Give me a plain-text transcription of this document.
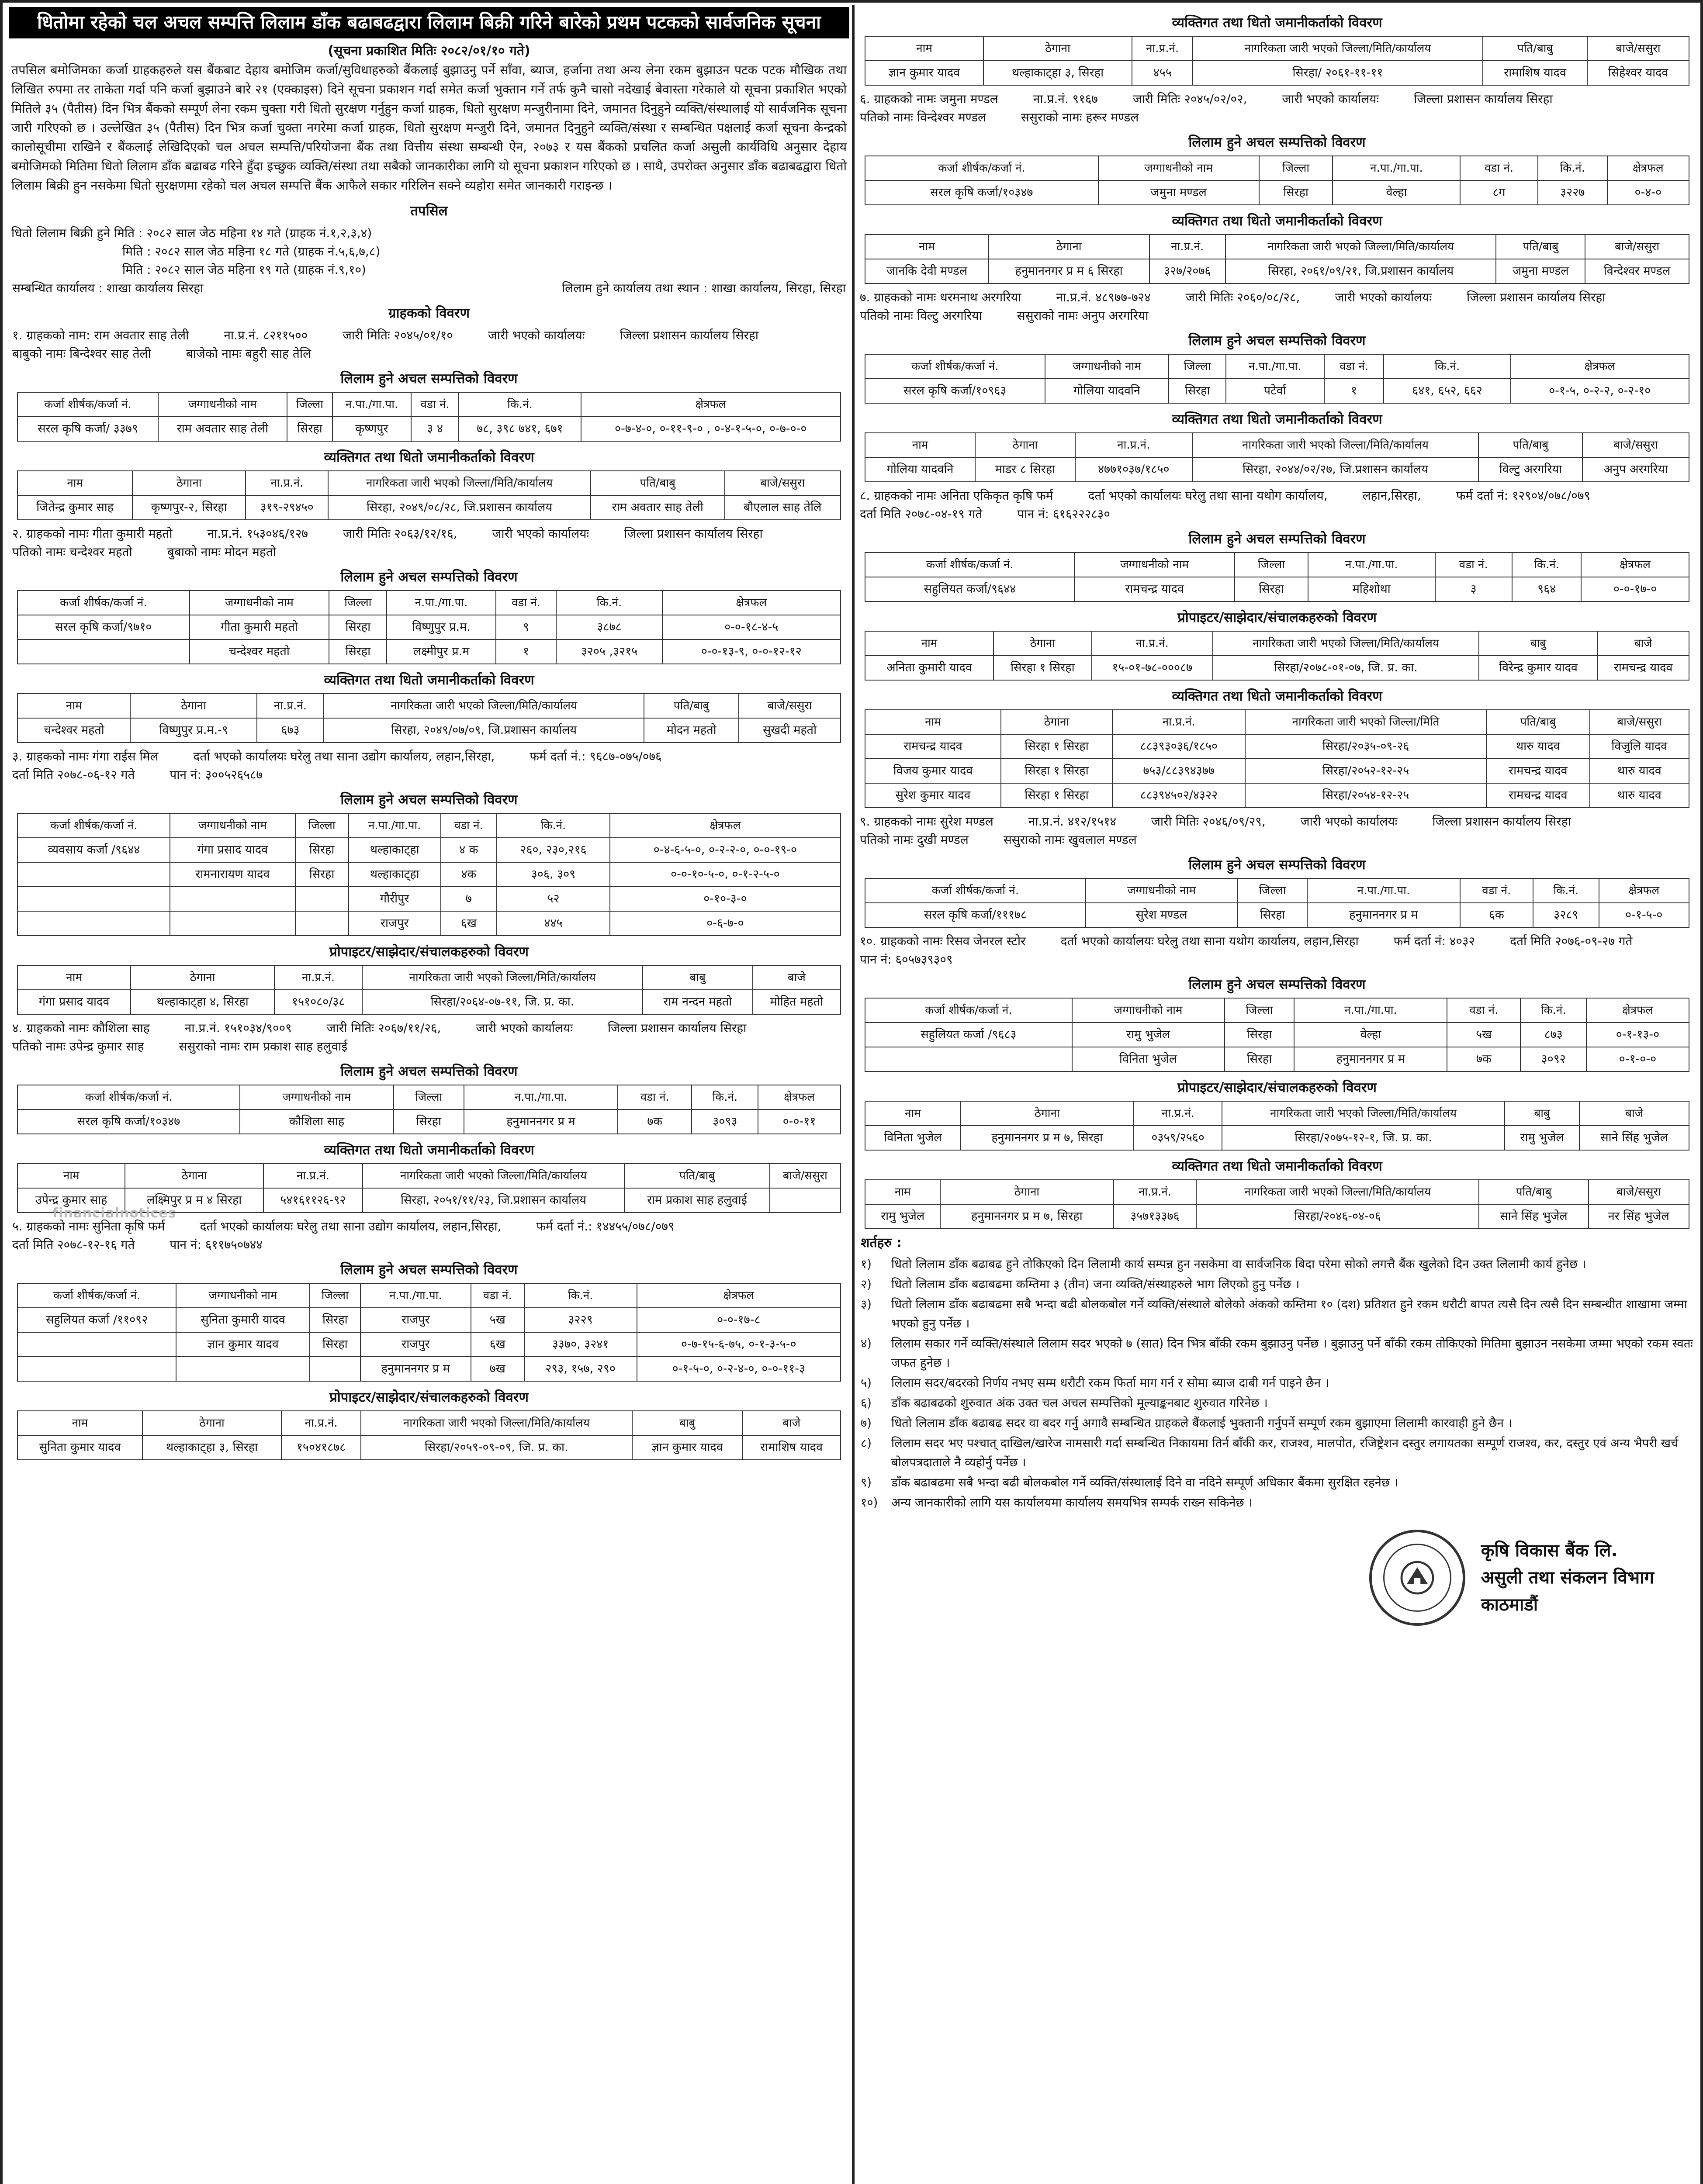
धितोमा रहेको चल अचल सम्पत्ति लिलाम डाँक बढाबढद्वारा लिलाम बिक्री गरिने बारेको प्रथम पटकको सार्वजनिक सूचना
(सूचना प्रकाशित मितिः २०८२/०१/१० गते)
तपसिल बमोजिमका कर्जा ग्राहकहरुले यस बैंकबाट देहाय बमोजिम कर्जा/सुविधाहरुको बैंकलाई बुझाउनु पर्ने साँवा, ब्याज, हर्जाना तथा अन्य लेना रकम बुझाउन पटक पटक मौखिक तथा लिखित रुपमा तर ताकेता गर्दा पनि कर्जा बुझाउने बारे २१ (एक्काइस) दिने सूचना प्रकाशन गर्दा समेत कर्जा भुक्तान गर्ने तर्फ कुनै चासो नदेखाई बेवास्ता गरेकाले यो सूचना प्रकाशित भएको मितिले ३५ (पैतीस) दिन भित्र बैंकको सम्पूर्ण लेना रकम चुक्ता गरी धितो सुरक्षण गर्नुहुन कर्जा ग्राहक, धितो सुरक्षण मन्जुरीनामा दिने, जमानत दिनुहुने व्यक्ति/संस्थालाई यो सार्वजनिक सूचना जारी गरिएको छ । उल्लेखित ३५ (पैतीस) दिन भित्र कर्जा चुक्ता नगरेमा कर्जा ग्राहक, धितो सुरक्षण मन्जुरी दिने, जमानत दिनुहुने व्यक्ति/संस्था र सम्बन्धित पक्षलाई कर्जा सूचना केन्द्रको कालोसूचीमा राखिने र बैंकलाई लेखिदिएको चल अचल सम्पत्ति/परियोजना बैंक तथा वित्तीय संस्था सम्बन्धी ऐन, २०७३ र यस बैंकको प्रचलित कर्जा असुली कार्यविधि अनुसार देहाय बमोजिमको मितिमा धितो लिलाम डाँक बढाबढ गरिने हुँदा इच्छुक व्यक्ति/संस्था तथा सबैको जानकारीका लागि यो सूचना प्रकाशन गरिएको छ । साथै, उपरोक्त अनुसार डाँक बढाबढद्वारा धितो लिलाम बिक्री हुन नसकेमा धितो सुरक्षणमा रहेको चल अचल सम्पत्ति बैंक आफैले सकार गरिलिन सक्ने व्यहोरा समेत जानकारी गराइन्छ ।
तपसिल
धितो लिलाम बिक्री हुने मिति : २०८२ साल जेठ महिना १४ गते (ग्राहक नं.१,२,३,४)
मिति : २०८२ साल जेठ महिना १८ गते (ग्राहक नं.५,६,७,८)
मिति : २०८२ साल जेठ महिना १९ गते (ग्राहक नं.९,१०)
सम्बन्धित कार्यालय : शाखा कार्यालय सिरहा	लिलाम हुने कार्यालय तथा स्थान : शाखा कार्यालय, सिरहा, सिरहा
ग्राहकको विवरण
१. ग्राहकको नाम: राम अवतार साह तेली	ना.प्र.नं. ८२११५००	जारी मितिः २०४५/०१/१०	जारी भएको कार्यालयः	जिल्ला प्रशासन कार्यालय सिरहा
बाबुको नामः बिन्देश्वर साह तेली	बाजेको नामः बहुरी साह तेलि
लिलाम हुने अचल सम्पत्तिको विवरण
कर्जा शीर्षक/कर्जा नं.	जग्गाधनीको नाम	जिल्ला	न.पा./गा.पा.	वडा नं.	कि.नं.	क्षेत्रफल
सरल कृषि कर्जा/ ३३७९	राम अवतार साह तेली	सिरहा	कृष्णपुर	३ ४	७८, ३९८ ७४१, ६७१	०-७-४-०, ०-११-९-० , ०-४-१-५-०, ०-७-०-०
व्यक्तिगत तथा धितो जमानीकर्ताको विवरण
नाम	ठेगाना	ना.प्र.नं.	नागरिकता जारी भएको जिल्ला/मिति/कार्यालय	पति/बाबु	बाजे/ससुरा
जितेन्द्र कुमार साह	कृष्णपुर-२, सिरहा	३१९-२९४५०	सिरहा, २०४९/०८/२८, जि.प्रशासन कार्यालय	राम अवतार साह तेली	बौएलाल साह तेलि
२. ग्राहकको नामः गीता कुमारी महतो	ना.प्र.नं. १५३०४६/१२७	जारी मितिः २०६३/१२/१६,	जारी भएको कार्यालयः	जिल्ला प्रशासन कार्यालय सिरहा
पतिको नामः चन्देश्वर महतो	बुबाको नामः मोदन महतो
लिलाम हुने अचल सम्पत्तिको विवरण
कर्जा शीर्षक/कर्जा नं.	जग्गाधनीको नाम	जिल्ला	न.पा./गा.पा.	वडा नं.	कि.नं.	क्षेत्रफल
सरल कृषि कर्जा/९७१०	गीता कुमारी महतो	सिरहा	विष्णुपुर प्र.म.	९	३८७८	०-०-१८-४-५
	चन्देश्वर महतो	सिरहा	लक्ष्मीपुर प्र.म	१	३२०५ ,३२१५	०-०-१३-९, ०-०-१२-१२
व्यक्तिगत तथा धितो जमानीकर्ताको विवरण
नाम	ठेगाना	ना.प्र.नं.	नागरिकता जारी भएको जिल्ला/मिति/कार्यालय	पति/बाबु	बाजे/ससुरा
चन्देश्वर महतो	विष्णुपुर प्र.म.-९	६७३	सिरहा, २०४९/०७/०९, जि.प्रशासन कार्यालय	मोदन महतो	सुखदी महतो
३. ग्राहकको नामः गंगा राईस मिल	दर्ता भएको कार्यालयः घरेलु तथा साना उद्योग कार्यालय, लहान,सिरहा,	फर्म दर्ता नं.: ९६८७-०७५/०७६
दर्ता मिति २०७८-०६-१२ गते	पान नं: ३००५२६५८७
लिलाम हुने अचल सम्पत्तिको विवरण
कर्जा शीर्षक/कर्जा नं.	जग्गाधनीको नाम	जिल्ला	न.पा./गा.पा.	वडा नं.	कि.नं.	क्षेत्रफल
व्यवसाय कर्जा /९६४४	गंगा प्रसाद यादव	सिरहा	थल्हाकाट्हा	४ क	२६०, २३०,२१६	०-४-६-५-०, ०-२-२-०, ०-०-१९-०
	रामनारायण यादव	सिरहा	थल्हाकाट्हा	४क	३०६, ३०९	०-०-१०-५-०, ०-१-२-५-०
			गौरीपुर	७	५२	०-१०-३-०
			राजपुर	६ख	४४५	०-६-७-०
प्रोपाइटर/साझेदार/संचालकहरुको विवरण
नाम	ठेगाना	ना.प्र.नं.	नागरिकता जारी भएको जिल्ला/मिति/कार्यालय	बाबु	बाजे
गंगा प्रसाद यादव	थल्हाकाट्हा ४, सिरहा	१५१०८०/३८	सिरहा/२०६४-०७-११, जि. प्र. का.	राम नन्दन महतो	मोहित महतो
४. ग्राहकको नामः कौशिला साह	ना.प्र.नं. १५१०३४/९००९	जारी मितिः २०६७/११/२६,	जारी भएको कार्यालयः	जिल्ला प्रशासन कार्यालय सिरहा
पतिको नामः उपेन्द्र कुमार साह	ससुराको नामः राम प्रकाश साह हलुवाई
लिलाम हुने अचल सम्पत्तिको विवरण
कर्जा शीर्षक/कर्जा नं.	जग्गाधनीको नाम	जिल्ला	न.पा./गा.पा.	वडा नं.	कि.नं.	क्षेत्रफल
सरल कृषि कर्जा/१०३४७	कौशिला साह	सिरहा	हनुमाननगर प्र म	७क	३०९३	०-०-११
व्यक्तिगत तथा धितो जमानीकर्ताको विवरण
नाम	ठेगाना	ना.प्र.नं.	नागरिकता जारी भएको जिल्ला/मिति/कार्यालय	पति/बाबु	बाजे/ससुरा
उपेन्द्र कुमार साह	लक्ष्मिपुर प्र म ४ सिरहा	५४१६११२६-९२	सिरहा, २०५१/११/२३, जि.प्रशासन कार्यालय	राम प्रकाश साह हलुवाई	
५. ग्राहकको नामः सुनिता कृषि फर्म	दर्ता भएको कार्यालयः घरेलु तथा साना उद्योग कार्यालय, लहान,सिरहा,	फर्म दर्ता नं.: १४४५५/०७८/०७९
दर्ता मिति २०७८-१२-१६ गते	पान नं: ६११७५०७४४
लिलाम हुने अचल सम्पत्तिको विवरण
कर्जा शीर्षक/कर्जा नं.	जग्गाधनीको नाम	जिल्ला	न.पा./गा.पा.	वडा नं.	कि.नं.	क्षेत्रफल
सहुलियत कर्जा /११०९२	सुनिता कुमारी यादव	सिरहा	राजपुर	५ख	३२२९	०-०-१७-८
	ज्ञान कुमार यादव	सिरहा	राजपुर	६ख	३३७०, ३२४१	०-७-१५-६-७५, ०-१-३-५-०
			हनुमाननगर प्र म	७ख	२९३, १५७, २९०	०-१-५-०, ०-२-४-०, ०-०-११-३
प्रोपाइटर/साझेदार/संचालकहरुको विवरण
नाम	ठेगाना	ना.प्र.नं.	नागरिकता जारी भएको जिल्ला/मिति/कार्यालय	बाबु	बाजे
सुनिता कुमार यादव	थल्हाकाट्हा ३, सिरहा	१५०४१८७८	सिरहा/२०५९-०९-०९, जि. प्र. का.	ज्ञान कुमार यादव	रामाशिष यादव
व्यक्तिगत तथा धितो जमानीकर्ताको विवरण
नाम	ठेगाना	ना.प्र.नं.	नागरिकता जारी भएको जिल्ला/मिति/कार्यालय	पति/बाबु	बाजे/ससुरा
ज्ञान कुमार यादव	थल्हाकाट्हा ३, सिरहा	४५५	सिरहा/ २०६१-११-११	रामाशिष यादव	सिहेश्वर यादव
६. ग्राहकको नामः जमुना मण्डल	ना.प्र.नं. ९१६७	जारी मितिः २०४५/०२/०२,	जारी भएको कार्यालयः	जिल्ला प्रशासन कार्यालय सिरहा
पतिको नामः विन्देश्वर मण्डल	ससुराको नामः हरूर मण्डल
लिलाम हुने अचल सम्पत्तिको विवरण
कर्जा शीर्षक/कर्जा नं.	जग्गाधनीको नाम	जिल्ला	न.पा./गा.पा.	वडा नं.	कि.नं.	क्षेत्रफल
सरल कृषि कर्जा/१०३४७	जमुना मण्डल	सिरहा	वेल्हा	८ग	३२२७	०-४-०
व्यक्तिगत तथा धितो जमानीकर्ताको विवरण
नाम	ठेगाना	ना.प्र.नं.	नागरिकता जारी भएको जिल्ला/मिति/कार्यालय	पति/बाबु	बाजे/ससुरा
जानकि देवी मण्डल	हनुमाननगर प्र म ६ सिरहा	३२७/२०७६	सिरहा, २०६१/०९/२१, जि.प्रशासन कार्यालय	जमुना मण्डल	विन्देश्वर मण्डल
७. ग्राहकको नामः धरमनाथ अरगरिया	ना.प्र.नं. ४८९७७-७२४	जारी मितिः २०६०/०८/२८,	जारी भएको कार्यालयः	जिल्ला प्रशासन कार्यालय सिरहा
पतिको नामः विल्टु अरगरिया	ससुराको नामः अनुप अरगरिया
लिलाम हुने अचल सम्पत्तिको विवरण
कर्जा शीर्षक/कर्जा नं.	जग्गाधनीको नाम	जिल्ला	न.पा./गा.पा.	वडा नं.	कि.नं.	क्षेत्रफल
सरल कृषि कर्जा/१०९६३	गोलिया यादवनि	सिरहा	पटेर्वा	१	६४१, ६५२, ६६२	०-१-५, ०-२-२, ०-२-१०
व्यक्तिगत तथा धितो जमानीकर्ताको विवरण
नाम	ठेगाना	ना.प्र.नं.	नागरिकता जारी भएको जिल्ला/मिति/कार्यालय	पति/बाबु	बाजे/ससुरा
गोलिया यादवनि	माडर ८ सिरहा	४७७१०३७/१८५०	सिरहा, २०४४/०२/२७, जि.प्रशासन कार्यालय	विल्टु अरगरिया	अनुप अरगरिया
८. ग्राहकको नामः अनिता एकिकृत कृषि फर्म	दर्ता भएको कार्यालयः घरेलु तथा साना यथोग कार्यालय,	लहान,सिरहा,	फर्म दर्ता नं: १२९०४/०७८/०७९
दर्ता मिति २०७८-०४-१९ गते	पान नं: ६१६२२२८३०
लिलाम हुने अचल सम्पत्तिको विवरण
कर्जा शीर्षक/कर्जा नं.	जग्गाधनीको नाम	जिल्ला	न.पा./गा.पा.	वडा नं.	कि.नं.	क्षेत्रफल
सहुलियत कर्जा/९६४४	रामचन्द्र यादव	सिरहा	महिशोथा	३	९६४	०-०-१७-०
प्रोपाइटर/साझेदार/संचालकहरुको विवरण
नाम	ठेगाना	ना.प्र.नं.	नागरिकता जारी भएको जिल्ला/मिति/कार्यालय	बाबु	बाजे
अनिता कुमारी यादव	सिरहा १ सिरहा	१५-०१-७८-०००८७	सिरहा/२०७८-०१-०७, जि. प्र. का.	विरेन्द्र कुमार यादव	रामचन्द्र यादव
व्यक्तिगत तथा धितो जमानीकर्ताको विवरण
नाम	ठेगाना	ना.प्र.नं.	नागरिकता जारी भएको जिल्ला/मिति	पति/बाबु	बाजे/ससुरा
रामचन्द्र यादव	सिरहा १ सिरहा	८८३९३०३६/१८५०	सिरहा/२०३५-०९-२६	थारु यादव	विजुलि यादव
विजय कुमार यादव	सिरहा १ सिरहा	७५३/८८३९४३७७	सिरहा/२०५२-१२-२५	रामचन्द्र यादव	थारु यादव
सुरेश कुमार यादव	सिरहा १ सिरहा	८८३९४५०२/४३२२	सिरहा/२०५४-१२-२५	रामचन्द्र यादव	थारु यादव
९. ग्राहकको नामः सुरेश मण्डल	ना.प्र.नं. ४१२/१५१४	जारी मितिः २०४६/०९/२९,	जारी भएको कार्यालयः	जिल्ला प्रशासन कार्यालय सिरहा
पतिको नामः दुखी मण्डल	ससुराको नामः खुवलाल मण्डल
लिलाम हुने अचल सम्पत्तिको विवरण
कर्जा शीर्षक/कर्जा नं.	जग्गाधनीको नाम	जिल्ला	न.पा./गा.पा.	वडा नं.	कि.नं.	क्षेत्रफल
सरल कृषि कर्जा/१११७८	सुरेश मण्डल	सिरहा	हनुमाननगर प्र म	६क	३२८९	०-१-५-०
१०. ग्राहकको नामः रिसव जेनरल स्टोर	दर्ता भएको कार्यालयः घरेलु तथा साना यथोग कार्यालय, लहान,सिरहा	फर्म दर्ता नं: ४०३२	दर्ता मिति २०७६-०९-२७ गते
पान नं: ६०५७३९३०९
लिलाम हुने अचल सम्पत्तिको विवरण
कर्जा शीर्षक/कर्जा नं.	जग्गाधनीको नाम	जिल्ला	न.पा./गा.पा.	वडा नं.	कि.नं.	क्षेत्रफल
सहुलियत कर्जा /९६८३	रामु भुजेल	सिरहा	वेल्हा	५ख	८७३	०-१-१३-०
	विनिता भुजेल	सिरहा	हनुमाननगर प्र म	७क	३०९२	०-१-०-०
प्रोपाइटर/साझेदार/संचालकहरुको विवरण
नाम	ठेगाना	ना.प्र.नं.	नागरिकता जारी भएको जिल्ला/मिति/कार्यालय	बाबु	बाजे
विनिता भुजेल	हनुमाननगर प्र म ७, सिरहा	०३५९/२५६०	सिरहा/२०७५-१२-१, जि. प्र. का.	रामु भुजेल	साने सिंह भुजेल
व्यक्तिगत तथा धितो जमानीकर्ताको विवरण
नाम	ठेगाना	ना.प्र.नं.	नागरिकता जारी भएको जिल्ला/मिति/कार्यालय	पति/बाबु	बाजे/ससुरा
रामु भुजेल	हनुमाननगर प्र म ७, सिरहा	३५७१३३७६	सिरहा/२०४६-०४-०६	साने सिंह भुजेल	नर सिंह भुजेल
शर्तहरु :
१)	धितो लिलाम डाँक बढाबढ हुने तोकिएको दिन लिलामी कार्य सम्पन्न हुन नसकेमा वा सार्वजनिक बिदा परेमा सोको लगत्तै बैंक खुलेको दिन उक्त लिलामी कार्य हुनेछ ।
२)	धितो लिलाम डाँक बढाबढमा कम्तिमा ३ (तीन) जना व्यक्ति/संस्थाहरुले भाग लिएको हुनु पर्नेछ ।
३)	धितो लिलाम डाँक बढाबढमा सबै भन्दा बढी बोलकबोल गर्ने व्यक्ति/संस्थाले बोलेको अंकको कम्तिमा १० (दश) प्रतिशत हुने रकम धरौटी बापत त्यसै दिन त्यसै दिन सम्बन्धीत शाखामा जम्मा भएको हुनु पर्नेछ ।
४)	लिलाम सकार गर्ने व्यक्ति/संस्थाले लिलाम सदर भएको ७ (सात) दिन भित्र बाँकी रकम बुझाउनु पर्नेछ । बुझाउनु पर्ने बाँकी रकम तोकिएको मितिमा बुझाउन नसकेमा जम्मा भएको रकम स्वतः जफत हुनेछ ।
५)	लिलाम सदर/बदरको निर्णय नभए सम्म धरौटी रकम फिर्ता माग गर्न र सोमा ब्याज दाबी गर्न पाइने छैन ।
६)	डाँक बढाबढको शुरुवात अंक उक्त चल अचल सम्पत्तिको मूल्याङ्कनबाट शुरुवात गरिनेछ ।
७)	धितो लिलाम डाँक बढाबढ सदर वा बदर गर्नु अगावै सम्बन्धित ग्राहकले बैंकलाई भुक्तानी गर्नुपर्ने सम्पूर्ण रकम बुझाएमा लिलामी कारवाही हुने छैन ।
८)	लिलाम सदर भए पश्चात् दाखिल/खारेज नामसारी गर्दा सम्बन्धित निकायमा तिर्न बाँकी कर, राजश्व, मालपोत, रजिष्ट्रेशन दस्तुर लगायतका सम्पूर्ण राजश्व, कर, दस्तुर एवं अन्य भैपरी खर्च बोलपत्रदाताले नै व्यहोर्नु पर्नेछ ।
९)	डाँक बढाबढमा सबै भन्दा बढी बोलकबोल गर्ने व्यक्ति/संस्थालाई दिने वा नदिने सम्पूर्ण अधिकार बैंकमा सुरक्षित रहनेछ ।
१०)	अन्य जानकारीको लागि यस कार्यालयमा कार्यालय समयभित्र सम्पर्क राख्न सकिनेछ ।
कृषि विकास बैंक लि.
असुली तथा संकलन विभाग
काठमाडौं
financialnotices
